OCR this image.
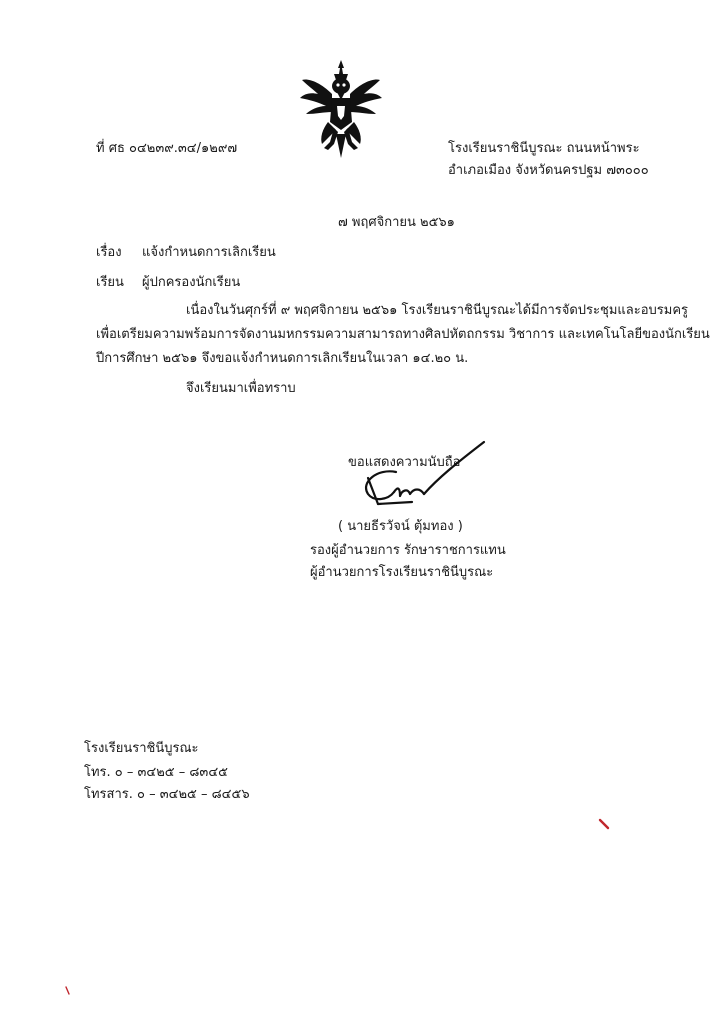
ที่ ศธ ๐๔๒๓๙.๓๔/๑๒๙๗	โรงเรียนราชินีบูรณะ ถนนหน้าพระ
อำเภอเมือง จังหวัดนครปฐม ๗๓๐๐๐
๗ พฤศจิกายน ๒๕๖๑
เรื่อง แจ้งกำหนดการเลิกเรียน
เรียน ผู้ปกครองนักเรียน
เนื่องในวันศุกร์ที่ ๙ พฤศจิกายน ๒๕๖๑ โรงเรียนราชินีบูรณะได้มีการจัดประชุมและอบรมครู
เพื่อเตรียมความพร้อมการจัดงานมหกรรมความสามารถทางศิลปหัตถกรรม วิชาการ และเทคโนโลยีของนักเรียน
ปีการศึกษา ๒๕๖๑ จึงขอแจ้งกำหนดการเลิกเรียนในเวลา ๑๔.๒๐ น.
จึงเรียนมาเพื่อทราบ
ขอแสดงความนับถือ
( นายธีรวัจน์ ตุ้มทอง )
รองผู้อำนวยการ รักษาราชการแทน
ผู้อำนวยการโรงเรียนราชินีบูรณะ
โรงเรียนราชินีบูรณะ
โทร. ๐ – ๓๔๒๕ – ๘๓๔๕
โทรสาร. ๐ – ๓๔๒๕ – ๘๔๕๖
